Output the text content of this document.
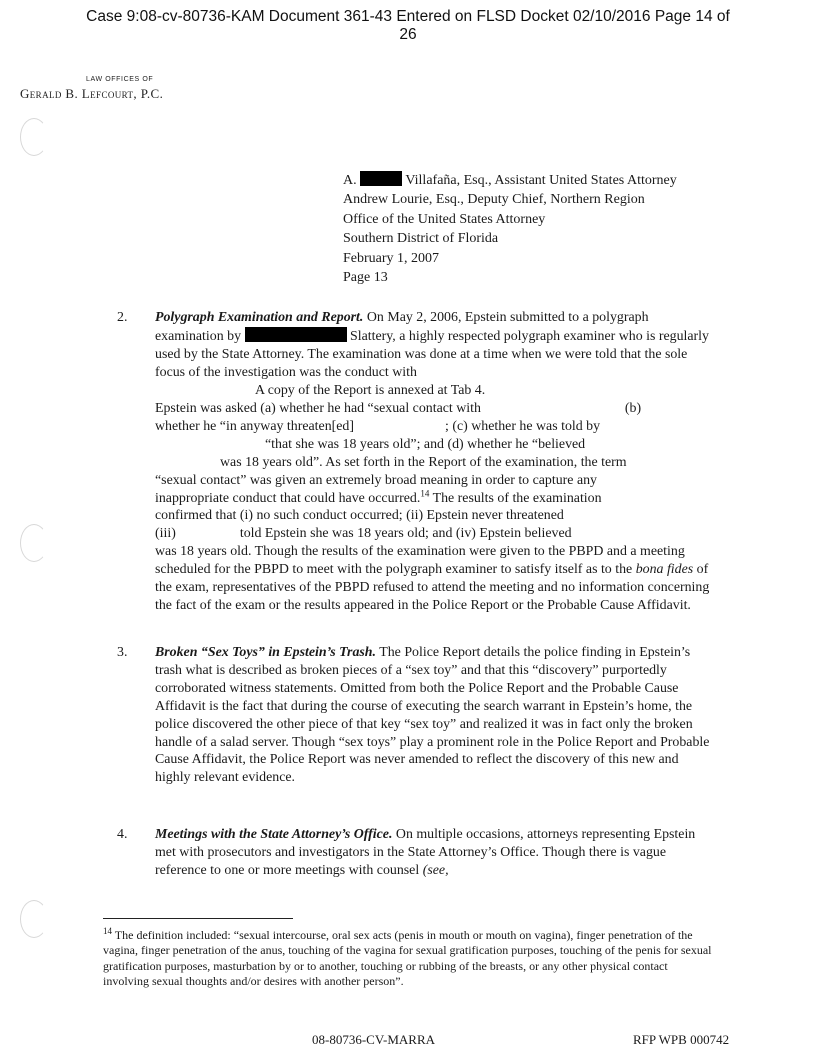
Case 9:08-cv-80736-KAM Document 361-43 Entered on FLSD Docket 02/10/2016 Page 14 of
26
LAW OFFICES OF
Gerald B. Lefcourt, P.C.
A.	Villafaña, Esq., Assistant United States Attorney
Andrew Lourie, Esq., Deputy Chief, Northern Region
Office of the United States Attorney
Southern District of Florida
February 1, 2007
Page 13
2. Polygraph Examination and Report. On May 2, 2006, Epstein submitted to a polygraph examination by	Slattery, a highly respected polygraph examiner who is regularly used by the State Attorney. The examination was done at a time when we were told that the sole focus of the investigation was the conduct with
A copy of the Report is annexed at Tab 4.
Epstein was asked (a) whether he had “sexual contact with	(b)
whether he “in anyway threaten[ed]	; (c) whether he was told by
“that she was 18 years old”; and (d) whether he “believed
was 18 years old”. As set forth in the Report of the examination, the term
“sexual contact” was given an extremely broad meaning in order to capture any
inappropriate conduct that could have occurred.$^{14}$ The results of the examination
confirmed that (i) no such conduct occurred; (ii) Epstein never threatened
(iii)	told Epstein she was 18 years old; and (iv) Epstein believed
was 18 years old. Though the results of the examination were given to the PBPD and a meeting scheduled for the PBPD to meet with the polygraph examiner to satisfy itself as to the bona fides of the exam, representatives of the PBPD refused to attend the meeting and no information concerning the fact of the exam or the results appeared in the Police Report or the Probable Cause Affidavit.
3. Broken “Sex Toys” in Epstein’s Trash. The Police Report details the police finding in Epstein’s trash what is described as broken pieces of a “sex toy” and that this “discovery” purportedly corroborated witness statements. Omitted from both the Police Report and the Probable Cause Affidavit is the fact that during the course of executing the search warrant in Epstein’s home, the police discovered the other piece of that key “sex toy” and realized it was in fact only the broken handle of a salad server. Though “sex toys” play a prominent role in the Police Report and Probable Cause Affidavit, the Police Report was never amended to reflect the discovery of this new and highly relevant evidence.
4. Meetings with the State Attorney’s Office. On multiple occasions, attorneys representing Epstein met with prosecutors and investigators in the State Attorney’s Office. Though there is vague reference to one or more meetings with counsel (see,
$^{14}$ The definition included: “sexual intercourse, oral sex acts (penis in mouth or mouth on vagina), finger penetration of the vagina, finger penetration of the anus, touching of the vagina for sexual gratification purposes, touching of the penis for sexual gratification purposes, masturbation by or to another, touching or rubbing of the breasts, or any other physical contact involving sexual thoughts and/or desires with another person”.
08-80736-CV-MARRA	RFP WPB 000742
